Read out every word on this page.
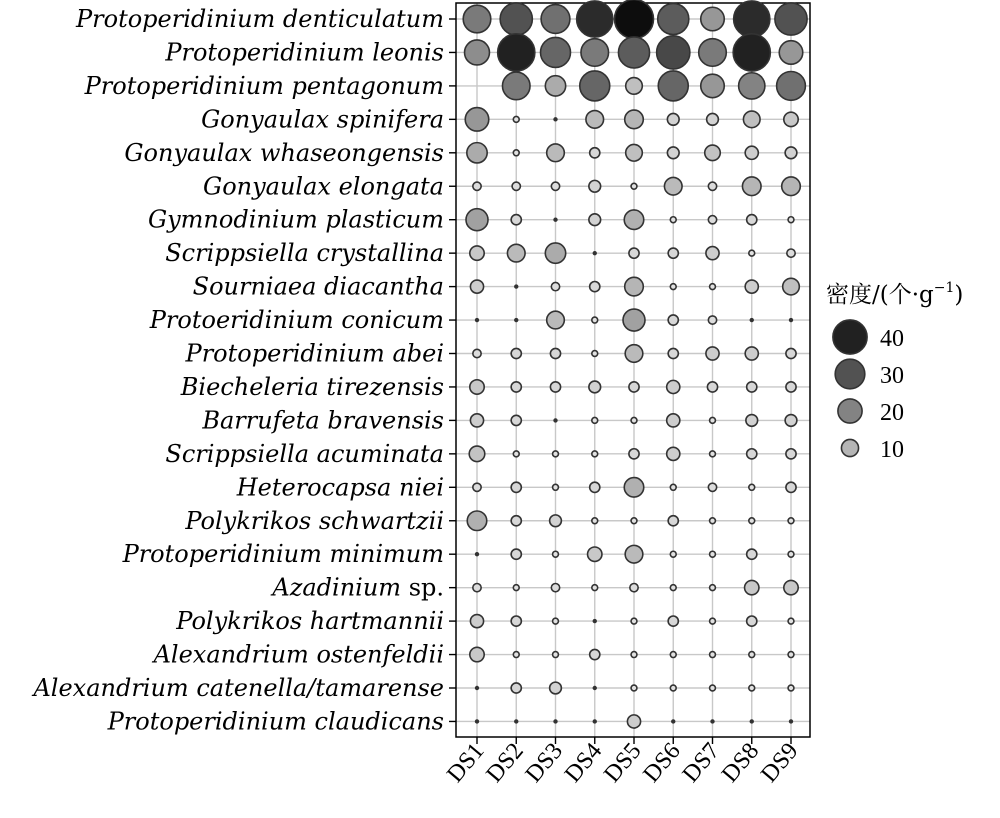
Protoperidinium denticulatum
Protoperidinium leonis
Protoperidinium pentagonum
Gonyaulax spinifera
Gonyaulax whaseongensis
Gonyaulax elongata
Gymnodinium plasticum
Scrippsiella crystallina
Sourniaea diacantha
Protoeridinium conicum
Protoperidinium abei
Biecheleria tirezensis
Barrufeta bravensis
Scrippsiella acuminata
Heterocapsa niei
Polykrikos schwartzii
Protoperidinium minimum
Azadinium sp.
Polykrikos hartmannii
Alexandrium ostenfeldii
Alexandrium catenella/tamarense
Protoperidinium claudicans
DS1
DS2
DS3
DS4
DS5
DS6
DS7
DS8
DS9
密度/(个$\cdot g^{-1}$)
40
30
20
10
